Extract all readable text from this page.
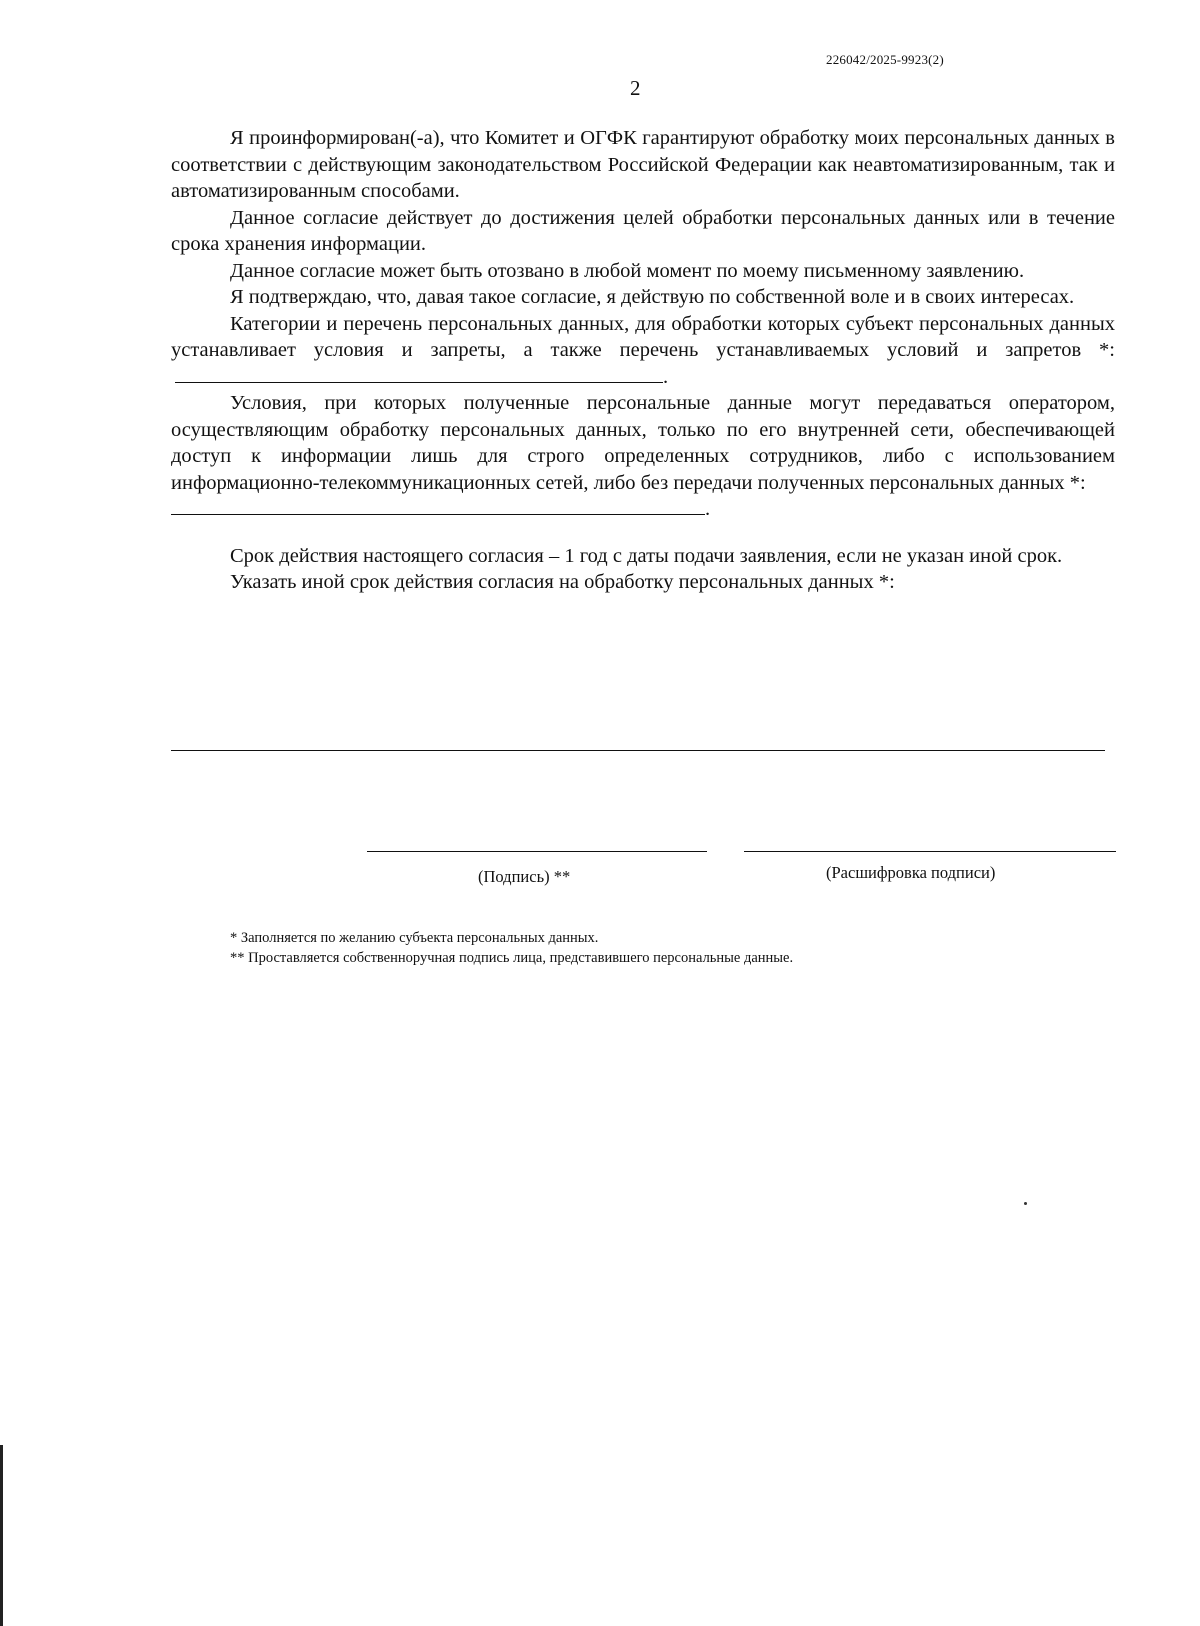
226042/2025-9923(2)
2

Я проинформирован(-а), что Комитет и ОГФК гарантируют обработку моих персональных данных в соответствии с действующим законодательством Российской Федерации как неавтоматизированным, так и автоматизированным способами.

Данное согласие действует до достижения целей обработки персональных данных или в течение срока хранения информации.

Данное согласие может быть отозвано в любой момент по моему письменному заявлению.

Я подтверждаю, что, давая такое согласие, я действую по собственной воле и в своих интересах.

Категории и перечень персональных данных, для обработки которых субъект персональных данных устанавливает условия и запреты, а также перечень устанавливаемых условий и запретов *:.

Условия, при которых полученные персональные данные могут передаваться оператором, осуществляющим обработку персональных данных, только по его внутренней сети, обеспечивающей доступ к информации лишь для строго определенных сотрудников, либо с использованием информационно-телекоммуникационных сетей, либо без передачи полученных персональных данных *:

.

Срок действия настоящего согласия – 1 год с даты подачи заявления, если не указан иной срок.

Указать иной срок действия согласия на обработку персональных данных *:

(Подпись) **	(Расшифровка подписи)
* Заполняется по желанию субъекта персональных данных.
** Проставляется собственноручная подпись лица, представившего персональные данные.
